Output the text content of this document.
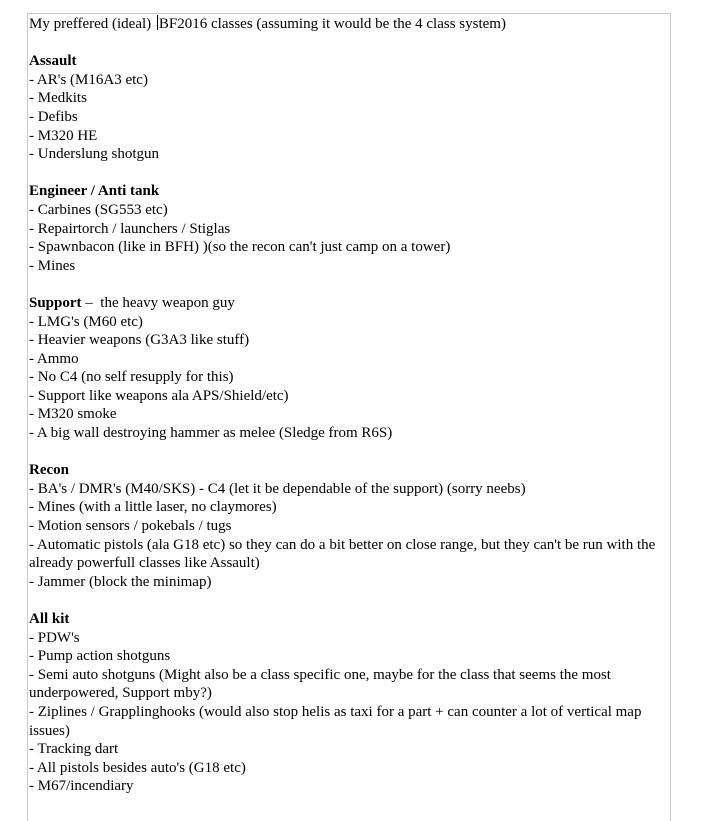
My preffered (ideal) BF2016 classes (assuming it would be the 4 class system)

Assault

- AR's (M16A3 etc)

- Medkits

- Defibs

- M320 HE

- Underslung shotgun

Engineer / Anti tank

- Carbines (SG553 etc)

- Repairtorch / launchers / Stiglas

- Spawnbacon (like in BFH) )(so the recon can't just camp on a tower)

- Mines

Support –  the heavy weapon guy

- LMG's (M60 etc)

- Heavier weapons (G3A3 like stuff)

- Ammo

- No C4 (no self resupply for this)

- Support like weapons ala APS/Shield/etc)

- M320 smoke

- A big wall destroying hammer as melee (Sledge from R6S)

Recon

- BA's / DMR's (M40/SKS) - C4 (let it be dependable of the support) (sorry neebs)

- Mines (with a little laser, no claymores)

- Motion sensors / pokebals / tugs

- Automatic pistols (ala G18 etc) so they can do a bit better on close range, but they can't be run with the already powerfull classes like Assault)

- Jammer (block the minimap)

All kit

- PDW's

- Pump action shotguns

- Semi auto shotguns (Might also be a class specific one, maybe for the class that seems the most underpowered, Support mby?)

- Ziplines / Grapplinghooks (would also stop helis as taxi for a part + can counter a lot of vertical map issues)

- Tracking dart

- All pistols besides auto's (G18 etc)

- M67/incendiary
